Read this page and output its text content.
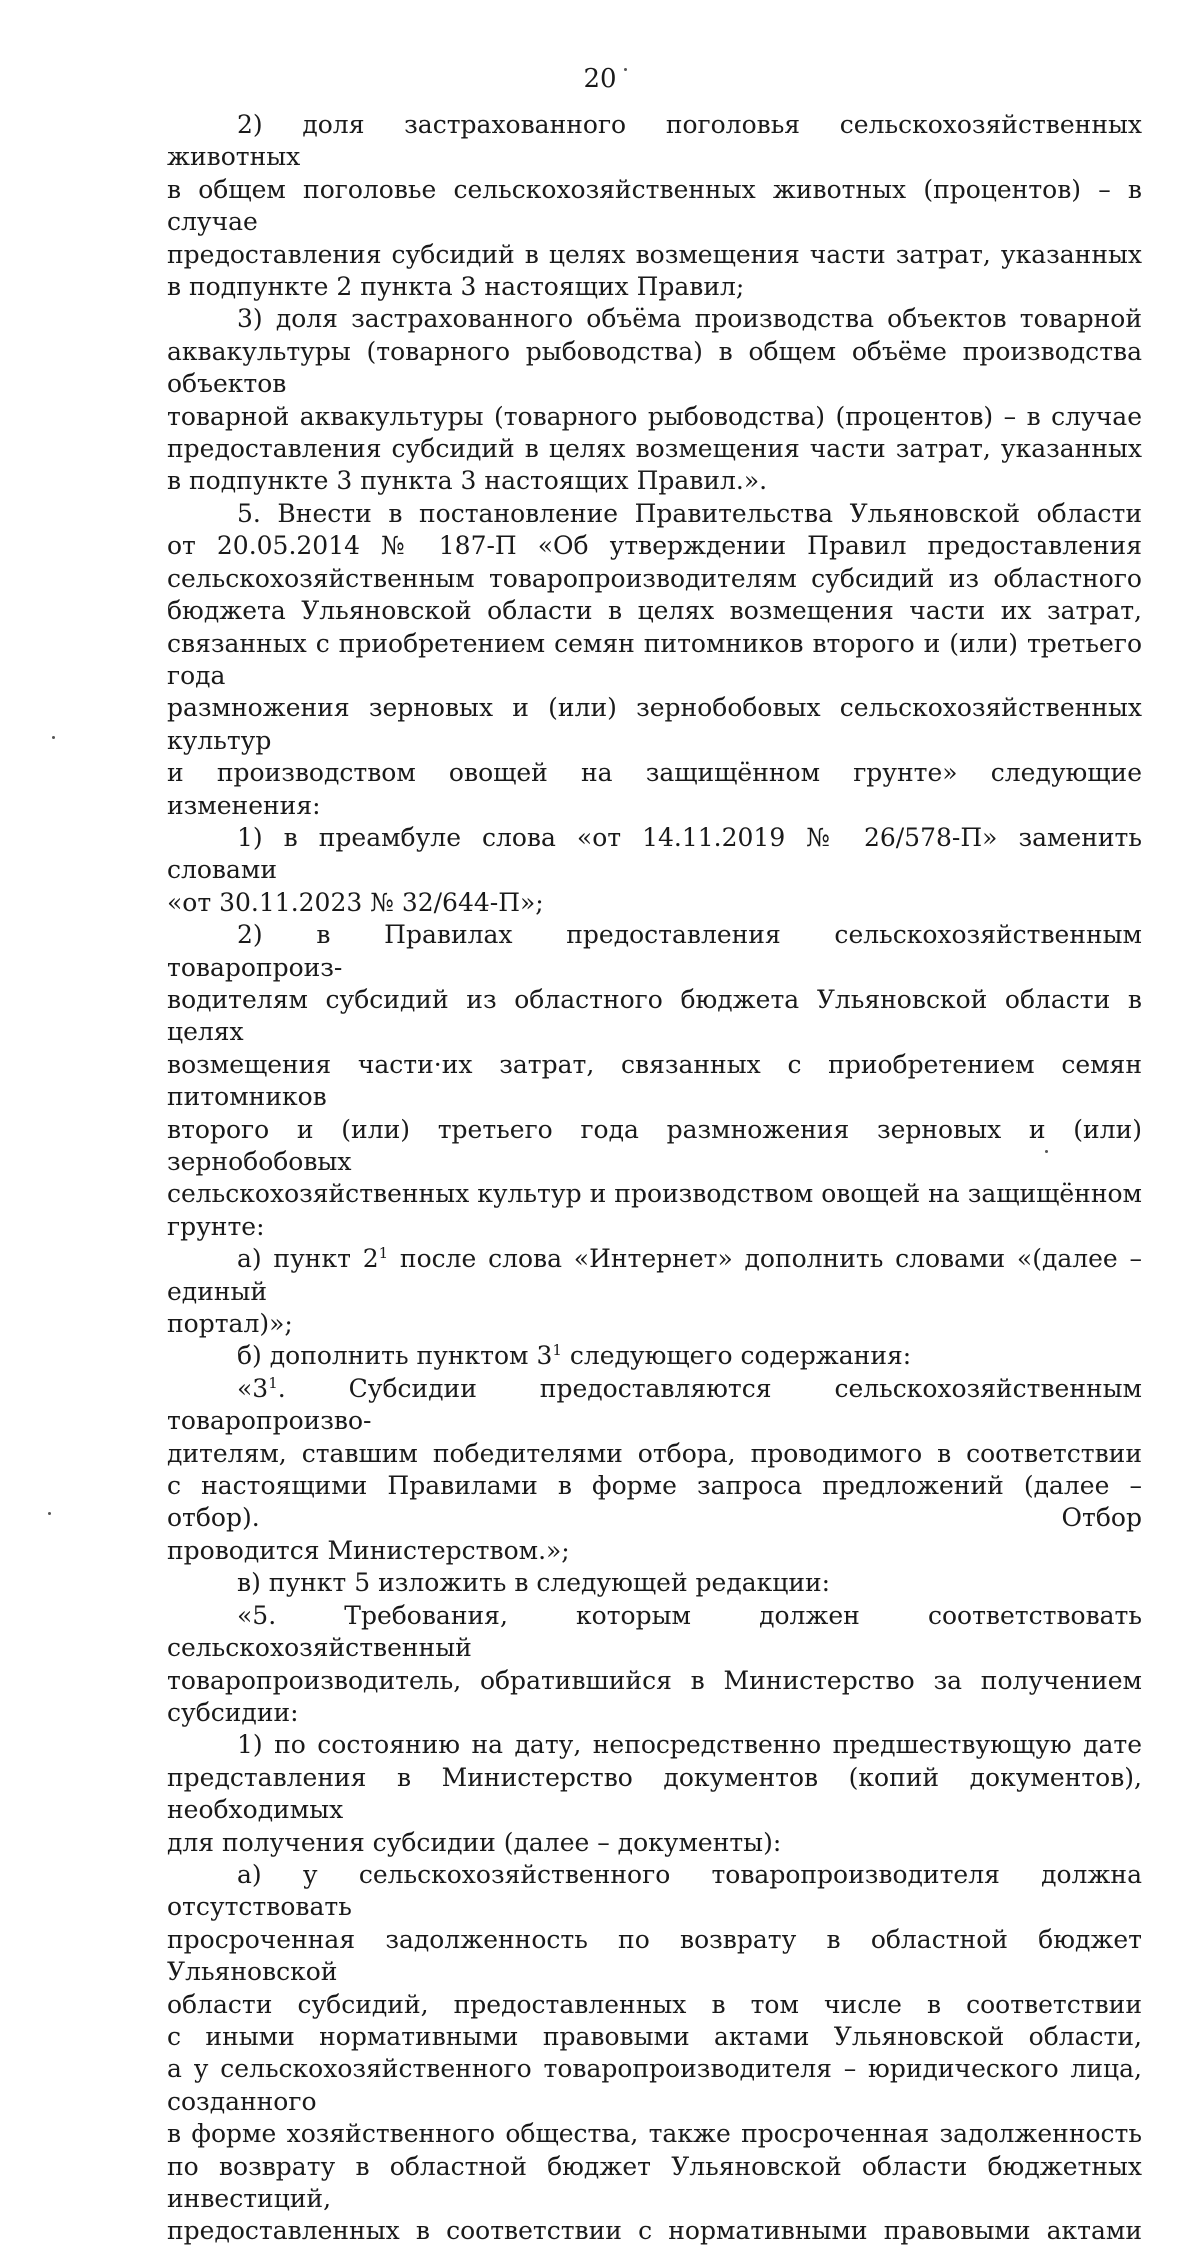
20

2) доля застрахованного поголовья сельскохозяйственных животных

в общем поголовье сельскохозяйственных животных (процентов) – в случае

предоставления субсидий в целях возмещения части затрат, указанных

в подпункте 2 пункта 3 настоящих Правил;

3) доля застрахованного объёма производства объектов товарной

аквакультуры (товарного рыбоводства) в общем объёме производства объектов

товарной аквакультуры (товарного рыбоводства) (процентов) – в случае

предоставления субсидий в целях возмещения части затрат, указанных

в подпункте 3 пункта 3 настоящих Правил.».

5. Внести в постановление Правительства Ульяновской области

от 20.05.2014 № 187-П «Об утверждении Правил предоставления

сельскохозяйственным товаропроизводителям субсидий из областного

бюджета Ульяновской области в целях возмещения части их затрат,

связанных с приобретением семян питомников второго и (или) третьего года

размножения зерновых и (или) зернобобовых сельскохозяйственных культур

и производством овощей на защищённом грунте» следующие изменения:

1) в преамбуле слова «от 14.11.2019 № 26/578-П» заменить словами

«от 30.11.2023 № 32/644-П»;

2) в Правилах предоставления сельскохозяйственным товаропроиз-

водителям субсидий из областного бюджета Ульяновской области в целях

возмещения части·их затрат, связанных с приобретением семян питомников

второго и (или) третьего года размножения зерновых и (или) зернобобовых

сельскохозяйственных культур и производством овощей на защищённом

грунте:

а) пункт $2^1$ после слова «Интернет» дополнить словами «(далее – единый

портал)»;

б) дополнить пунктом $3^1$ следующего содержания:

«$3^1$. Субсидии предоставляются сельскохозяйственным товаропроизво-

дителям, ставшим победителями отбора, проводимого в соответствии

с настоящими Правилами в форме запроса предложений (далее – отбор). Отбор

проводится Министерством.»;

в) пункт 5 изложить в следующей редакции:

«5. Требования, которым должен соответствовать сельскохозяйственный

товаропроизводитель, обратившийся в Министерство за получением субсидии:

1) по состоянию на дату, непосредственно предшествующую дате

представления в Министерство документов (копий документов), необходимых

для получения субсидии (далее – документы):

а) у сельскохозяйственного товаропроизводителя должна отсутствовать

просроченная задолженность по возврату в областной бюджет Ульяновской

области субсидий, предоставленных в том числе в соответствии

с иными нормативными правовыми актами Ульяновской области,

а у сельскохозяйственного товаропроизводителя – юридического лица, созданного

в форме хозяйственного общества, также просроченная задолженность

по возврату в областной бюджет Ульяновской области бюджетных инвестиций,

предоставленных в соответствии с нормативными правовыми актами
